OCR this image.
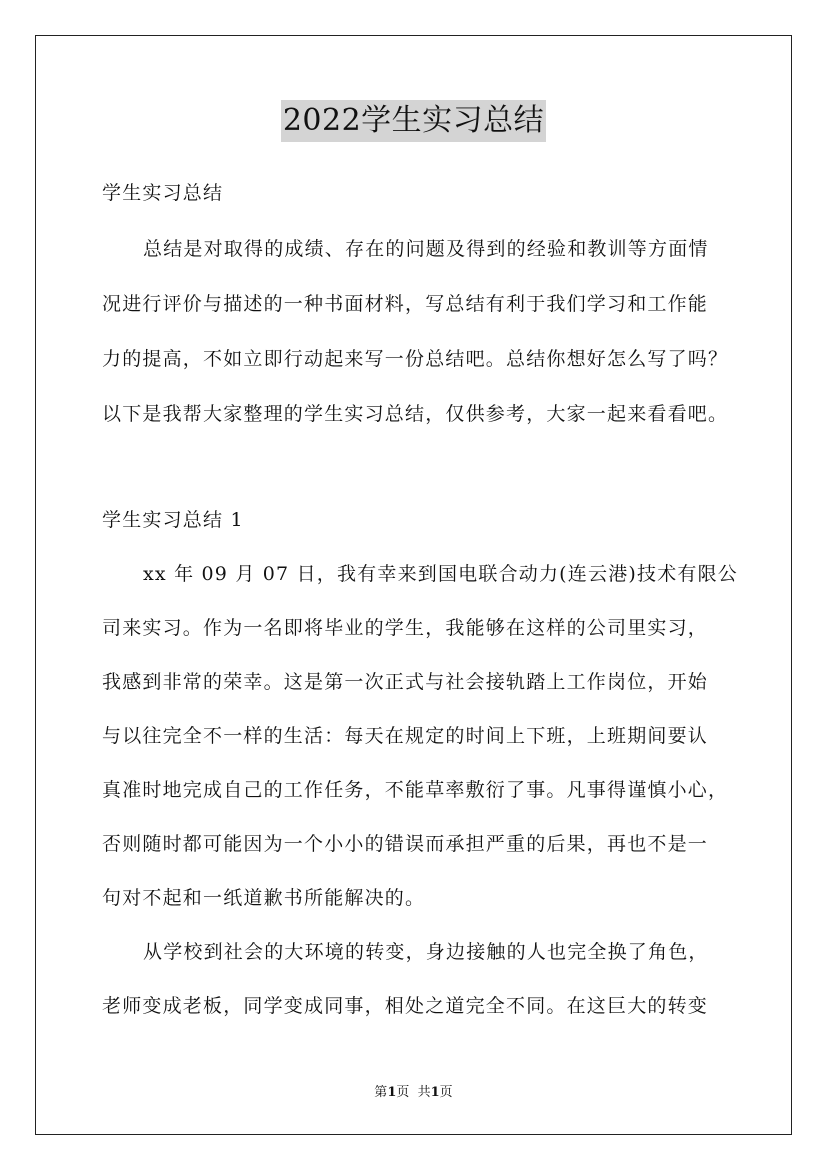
2022学生实习总结
学生实习总结
总结是对取得的成绩、存在的问题及得到的经验和教训等方面情
况进行评价与描述的一种书面材料，写总结有利于我们学习和工作能
力的提高，不如立即行动起来写一份总结吧。总结你想好怎么写了吗？
以下是我帮大家整理的学生实习总结，仅供参考，大家一起来看看吧。
学生实习总结 1
xx 年 09 月 07 日，我有幸来到国电联合动力(连云港)技术有限公
司来实习。作为一名即将毕业的学生，我能够在这样的公司里实习，
我感到非常的荣幸。这是第一次正式与社会接轨踏上工作岗位，开始
与以往完全不一样的生活：每天在规定的时间上下班，上班期间要认
真准时地完成自己的工作任务，不能草率敷衍了事。凡事得谨慎小心，
否则随时都可能因为一个小小的错误而承担严重的后果，再也不是一
句对不起和一纸道歉书所能解决的。
从学校到社会的大环境的转变，身边接触的人也完全换了角色，
老师变成老板，同学变成同事，相处之道完全不同。在这巨大的转变
第1页  共1页
